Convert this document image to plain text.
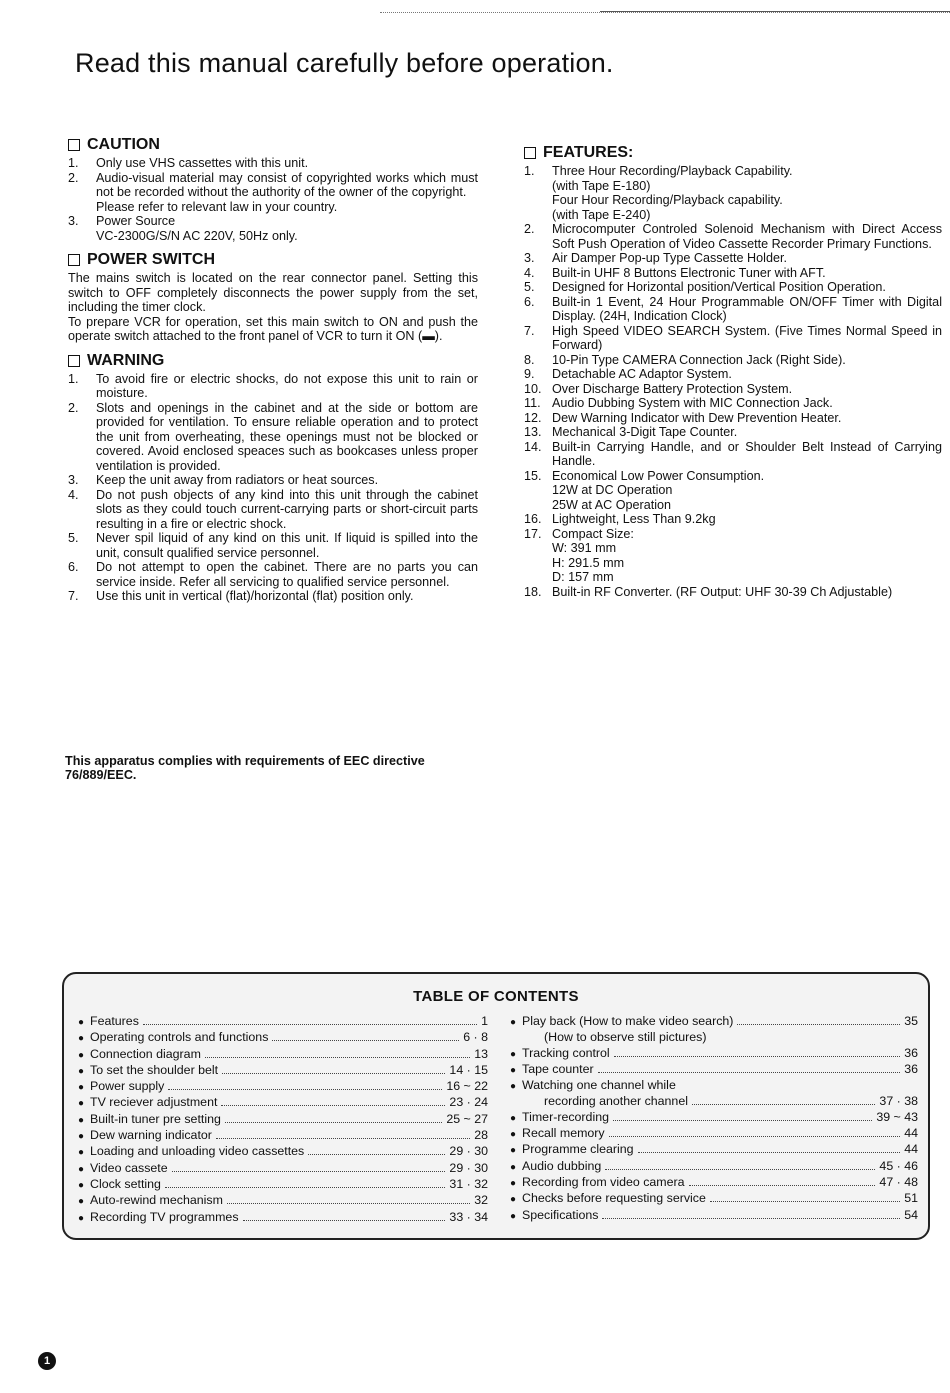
Read this manual carefully before operation.
CAUTION
1.	Only use VHS cassettes with this unit.
2.	Audio-visual material may consist of copyrighted works which must not be recorded without the authority of the owner of the copyright.
Please refer to relevant law in your country.
3.	Power Source
VC-2300G/S/N AC 220V, 50Hz only.
POWER SWITCH
The mains switch is located on the rear connector panel. Setting this switch to OFF completely disconnects the power supply from the set, including the timer clock.
To prepare VCR for operation, set this main switch to ON and push the operate switch attached to the front panel of VCR to turn it ON (▬).
WARNING
1.	To avoid fire or electric shocks, do not expose this unit to rain or moisture.
2.	Slots and openings in the cabinet and at the side or bottom are provided for ventilation. To ensure reliable operation and to protect the unit from overheating, these openings must not be blocked or covered. Avoid enclosed speaces such as bookcases unless proper ventilation is provided.
3.	Keep the unit away from radiators or heat sources.
4.	Do not push objects of any kind into this unit through the cabinet slots as they could touch current-carrying parts or short-circuit parts resulting in a fire or electric shock.
5.	Never spil liquid of any kind on this unit. If liquid is spilled into the unit, consult qualified service personnel.
6.	Do not attempt to open the cabinet. There are no parts you can service inside. Refer all servicing to qualified service personnel.
7.	Use this unit in vertical (flat)/horizontal (flat) position only.
This apparatus complies with requirements of EEC directive 76/889/EEC.
FEATURES:
1.	Three Hour Recording/Playback Capability.
(with Tape E-180)
Four Hour Recording/Playback capability.
(with Tape E-240)
2.	Microcomputer Controled Solenoid Mechanism with Direct Access Soft Push Operation of Video Cassette Recorder Primary Functions.
3.	Air Damper Pop-up Type Cassette Holder.
4.	Built-in UHF 8 Buttons Electronic Tuner with AFT.
5.	Designed for Horizontal position/Vertical Position Operation.
6.	Built-in 1 Event, 24 Hour Programmable ON/OFF Timer with Digital Display. (24H, Indication Clock)
7.	High Speed VIDEO SEARCH System. (Five Times Normal Speed in Forward)
8.	10-Pin Type CAMERA Connection Jack (Right Side).
9.	Detachable AC Adaptor System.
10. Over Discharge Battery Protection System.
11. Audio Dubbing System with MIC Connection Jack.
12. Dew Warning Indicator with Dew Prevention Heater.
13. Mechanical 3-Digit Tape Counter.
14. Built-in Carrying Handle, and or Shoulder Belt Instead of Carrying Handle.
15. Economical Low Power Consumption.
12W at DC Operation
25W at AC Operation
16. Lightweight, Less Than 9.2kg
17. Compact Size:
W: 391 mm
H: 291.5 mm
D: 157 mm
18. Built-in RF Converter. (RF Output: UHF 30-39 Ch Adjustable)
TABLE OF CONTENTS
● Features	1
● Operating controls and functions	6 · 8
● Connection diagram	13
● To set the shoulder belt	14 · 15
● Power supply	16 ~ 22
● TV reciever adjustment	23 · 24
● Built-in tuner pre setting	25 ~ 27
● Dew warning indicator	28
● Loading and unloading video cassettes	29 · 30
● Video cassete	29 · 30
● Clock setting	31 · 32
● Auto-rewind mechanism	32
● Recording TV programmes	33 · 34
● Play back (How to make video search)	35
(How to observe still pictures)
● Tracking control	36
● Tape counter	36
● Watching one channel while
recording another channel	37 · 38
● Timer-recording	39 ~ 43
● Recall memory	44
● Programme clearing	44
● Audio dubbing	45 · 46
● Recording from video camera	47 · 48
● Checks before requesting service	51
● Specifications	54
1
